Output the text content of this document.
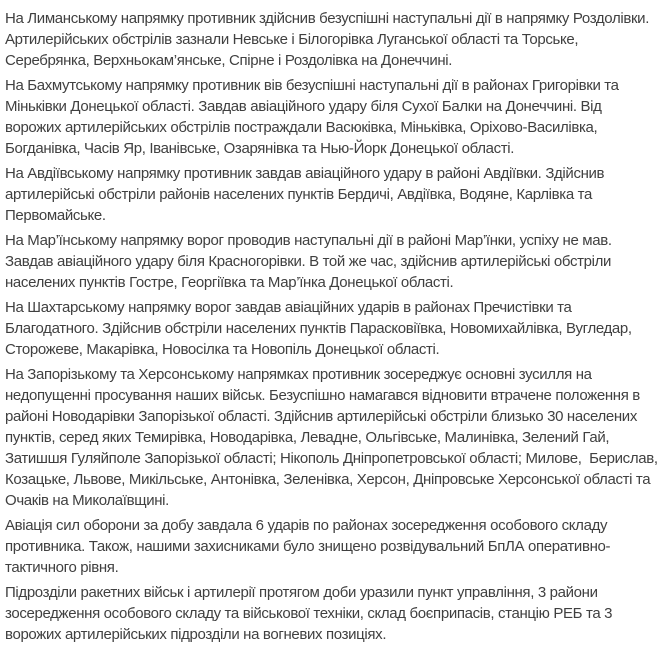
На Лиманському напрямку противник здійснив безуспішні наступальні дії в напрямку Роздолівки. Артилерійських обстрілів зазнали Невське і Білогорівка Луганської області та Торське, Серебрянка, Верхньокам’янське, Спірне і Роздолівка на Донеччині.

На Бахмутському напрямку противник вів безуспішні наступальні дії в районах Григорівки та Міньківки Донецької області. Завдав авіаційного удару біля Сухої Балки на Донеччині. Від ворожих артилерійських обстрілів постраждали Васюківка, Міньківка, Оріхово-Василівка, Богданівка, Часів Яр, Іванівське, Озарянівка та Нью-Йорк Донецької області.

На Авдіївському напрямку противник завдав авіаційного удару в районі Авдіївки. Здійснив артилерійські обстріли районів населених пунктів Бердичі, Авдіївка, Водяне, Карлівка та Первомайське.

На Мар’їнському напрямку ворог проводив наступальні дії в районі Мар’їнки, успіху не мав. Завдав авіаційного удару біля Красногорівки. В той же час, здійснив артилерійські обстріли населених пунктів Гостре, Георгіївка та Мар’їнка Донецької області.

На Шахтарському напрямку ворог завдав авіаційних ударів в районах Пречистівки та Благодатного. Здійснив обстріли населених пунктів Парасковіївка, Новомихайлівка, Вугледар, Сторожеве, Макарівка, Новосілка та Новопіль Донецької області.

На Запорізькому та Херсонському напрямках противник зосереджує основні зусилля на недопущенні просування наших військ. Безуспішно намагався відновити втрачене положення в районі Новодарівки Запорізької області. Здійснив артилерійські обстріли близько 30 населених пунктів, серед яких Темирівка, Новодарівка, Левадне, Ольгівське, Малинівка, Зелений Гай, Затишшя Гуляйполе Запорізької області; Нікополь Дніпропетровської області; Милове,  Берислав, Козацьке, Львове, Микільське, Антонівка, Зеленівка, Херсон, Дніпровське Херсонської області та Очаків на Миколаївщині.

Авіація сил оборони за добу завдала 6 ударів по районах зосередження особового складу противника. Також, нашими захисниками було знищено розвідувальний БпЛА оперативно-тактичного рівня.

Підрозділи ракетних військ і артилерії протягом доби уразили пункт управління, 3 райони зосередження особового складу та військової техніки, склад боєприпасів, станцію РЕБ та 3 ворожих артилерійських підрозділи на вогневих позиціях.
